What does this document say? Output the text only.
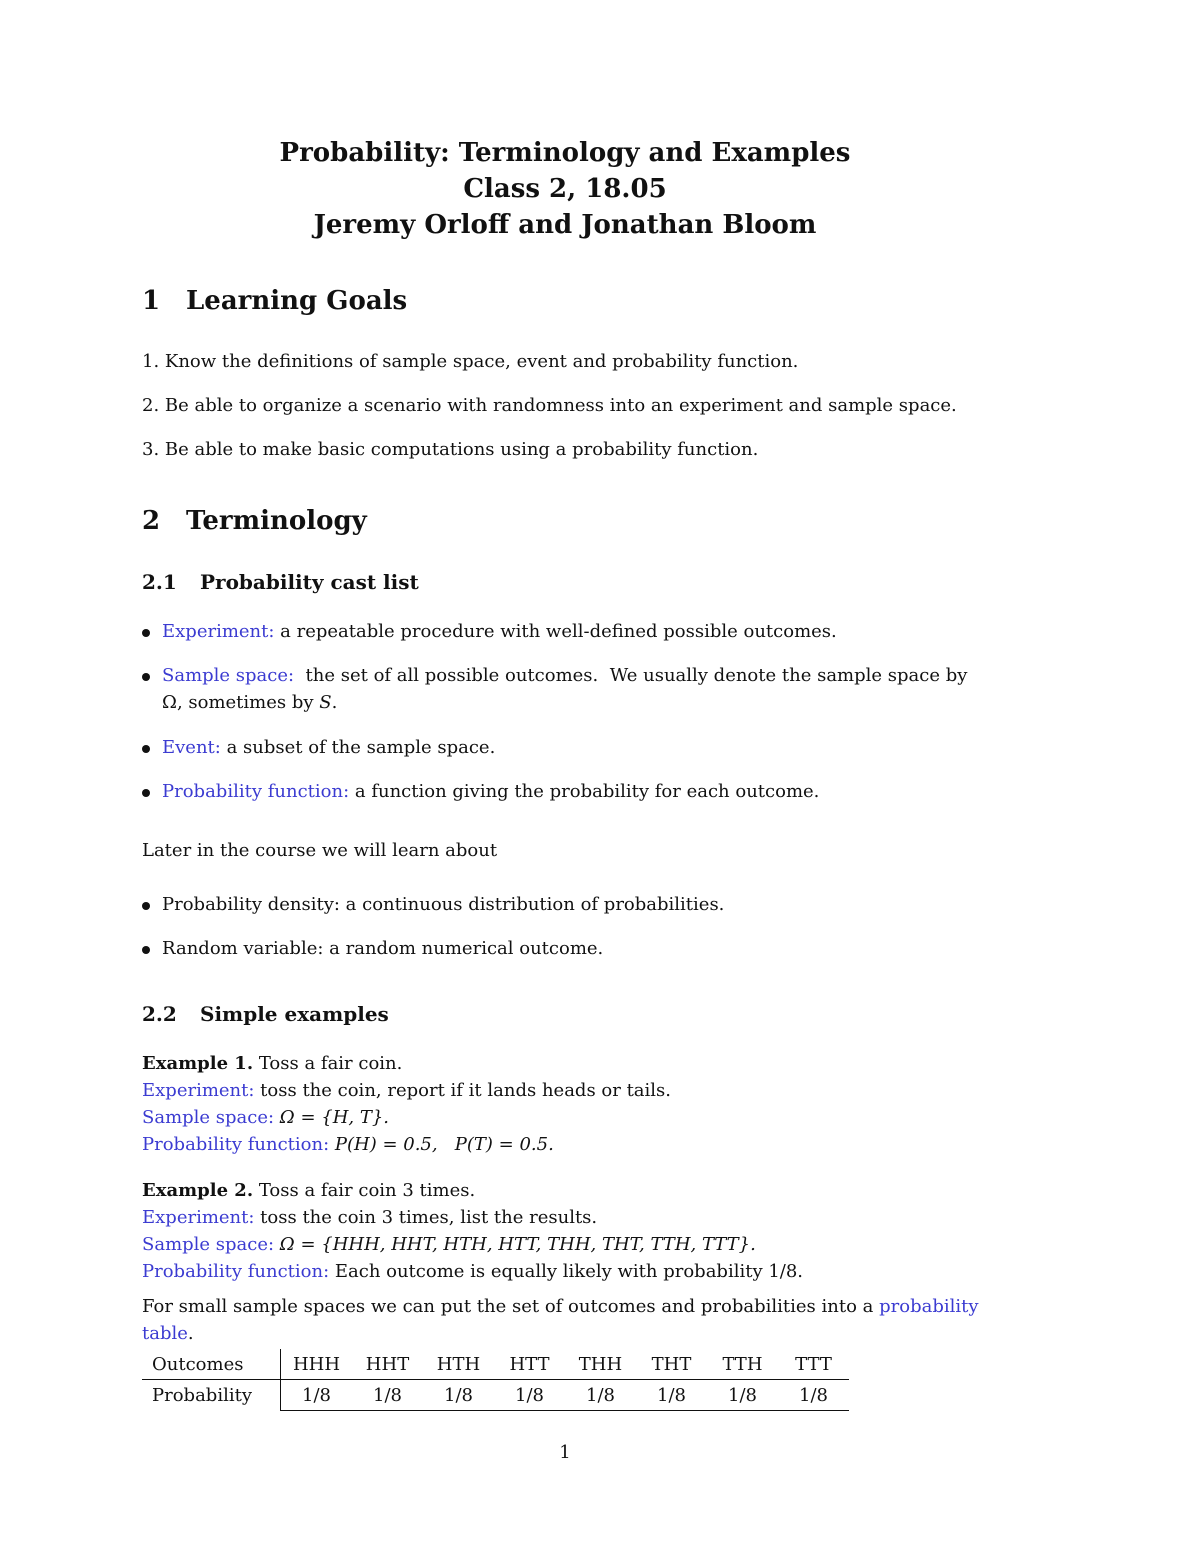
Probability: Terminology and Examples
Class 2, 18.05
Jeremy Orloff and Jonathan Bloom
1 Learning Goals
1. Know the definitions of sample space, event and probability function.
2. Be able to organize a scenario with randomness into an experiment and sample space.
3. Be able to make basic computations using a probability function.
2 Terminology
2.1 Probability cast list
Experiment: a repeatable procedure with well-defined possible outcomes.
Sample space:  the set of all possible outcomes.  We usually denote the sample space by
Ω, sometimes by S.
Event: a subset of the sample space.
Probability function: a function giving the probability for each outcome.
Later in the course we will learn about
Probability density: a continuous distribution of probabilities.
Random variable: a random numerical outcome.
2.2 Simple examples
Example 1. Toss a fair coin.
Experiment: toss the coin, report if it lands heads or tails.
Sample space: Ω = {H, T}.
Probability function: P(H) = 0.5,   P(T) = 0.5.
Example 2. Toss a fair coin 3 times.
Experiment: toss the coin 3 times, list the results.
Sample space: Ω = {HHH, HHT, HTH, HTT, THH, THT, TTH, TTT}.
Probability function: Each outcome is equally likely with probability 1/8.
For small sample spaces we can put the set of outcomes and probabilities into a probability
table.
Outcomes	HHH	HHT	HTH	HTT	THH	THT	TTH	TTT
Probability	1/8	1/8	1/8	1/8	1/8	1/8	1/8	1/8
1
